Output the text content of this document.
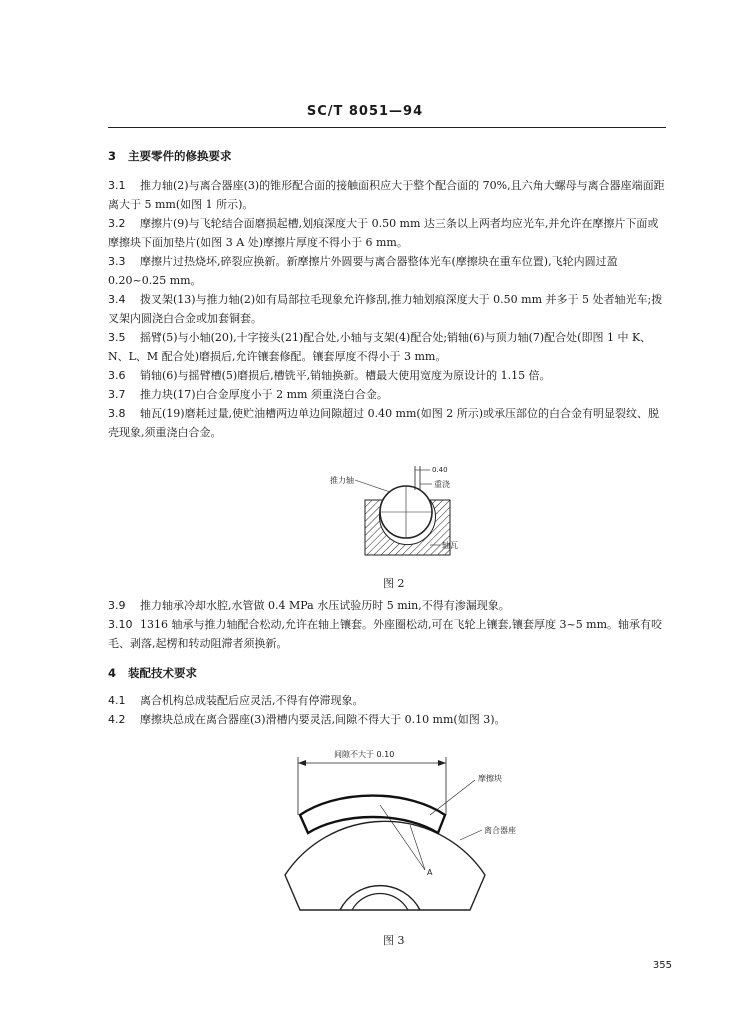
SC/T 8051—94
3 主要零件的修换要求
3.1 推力轴(2)与离合器座(3)的锥形配合面的接触面积应大于整个配合面的 70%,且六角大螺母与离合器座端面距离大于 5 mm(如图 1 所示)。
3.2 摩擦片(9)与飞轮结合面磨损起槽,划痕深度大于 0.50 mm 达三条以上两者均应光车,并允许在摩擦片下面或摩擦块下面加垫片(如图 3 A 处)摩擦片厚度不得小于 6 mm。
3.3 摩擦片过热烧坏,碎裂应换新。新摩擦片外圆要与离合器整体光车(摩擦块在重车位置),飞轮内圆过盈 0.20~0.25 mm。
3.4 拨叉架(13)与推力轴(2)如有局部拉毛现象允许修刮,推力轴划痕深度大于 0.50 mm 并多于 5 处者轴光车;拨叉架内圆浇白合金或加套铜套。
3.5 摇臂(5)与小轴(20),十字接头(21)配合处,小轴与支架(4)配合处;销轴(6)与顶力轴(7)配合处(即图 1 中 K、N、L、M 配合处)磨损后,允许镶套修配。镶套厚度不得小于 3 mm。
3.6 销轴(6)与摇臂槽(5)磨损后,槽铣平,销轴换新。槽最大使用宽度为原设计的 1.15 倍。
3.7 推力块(17)白合金厚度小于 2 mm 须重浇白合金。
3.8 轴瓦(19)磨耗过量,使贮油槽两边单边间隙超过 0.40 mm(如图 2 所示)或承压部位的白合金有明显裂纹、脱壳现象,须重浇白合金。
推力轴
0.40
重浇
轴瓦
图 2
3.9 推力轴承冷却水腔,水管做 0.4 MPa 水压试验历时 5 min,不得有渗漏现象。
3.10 1316 轴承与推力轴配合松动,允许在轴上镶套。外座圈松动,可在飞轮上镶套,镶套厚度 3~5 mm。轴承有咬毛、剥落,起楞和转动阻滞者须换新。
4 装配技术要求
4.1 离合机构总成装配后应灵活,不得有停滞现象。
4.2 摩擦块总成在离合器座(3)滑槽内要灵活,间隙不得大于 0.10 mm(如图 3)。
间隙不大于 0.10
摩擦块
离合器座
A
图 3
355
